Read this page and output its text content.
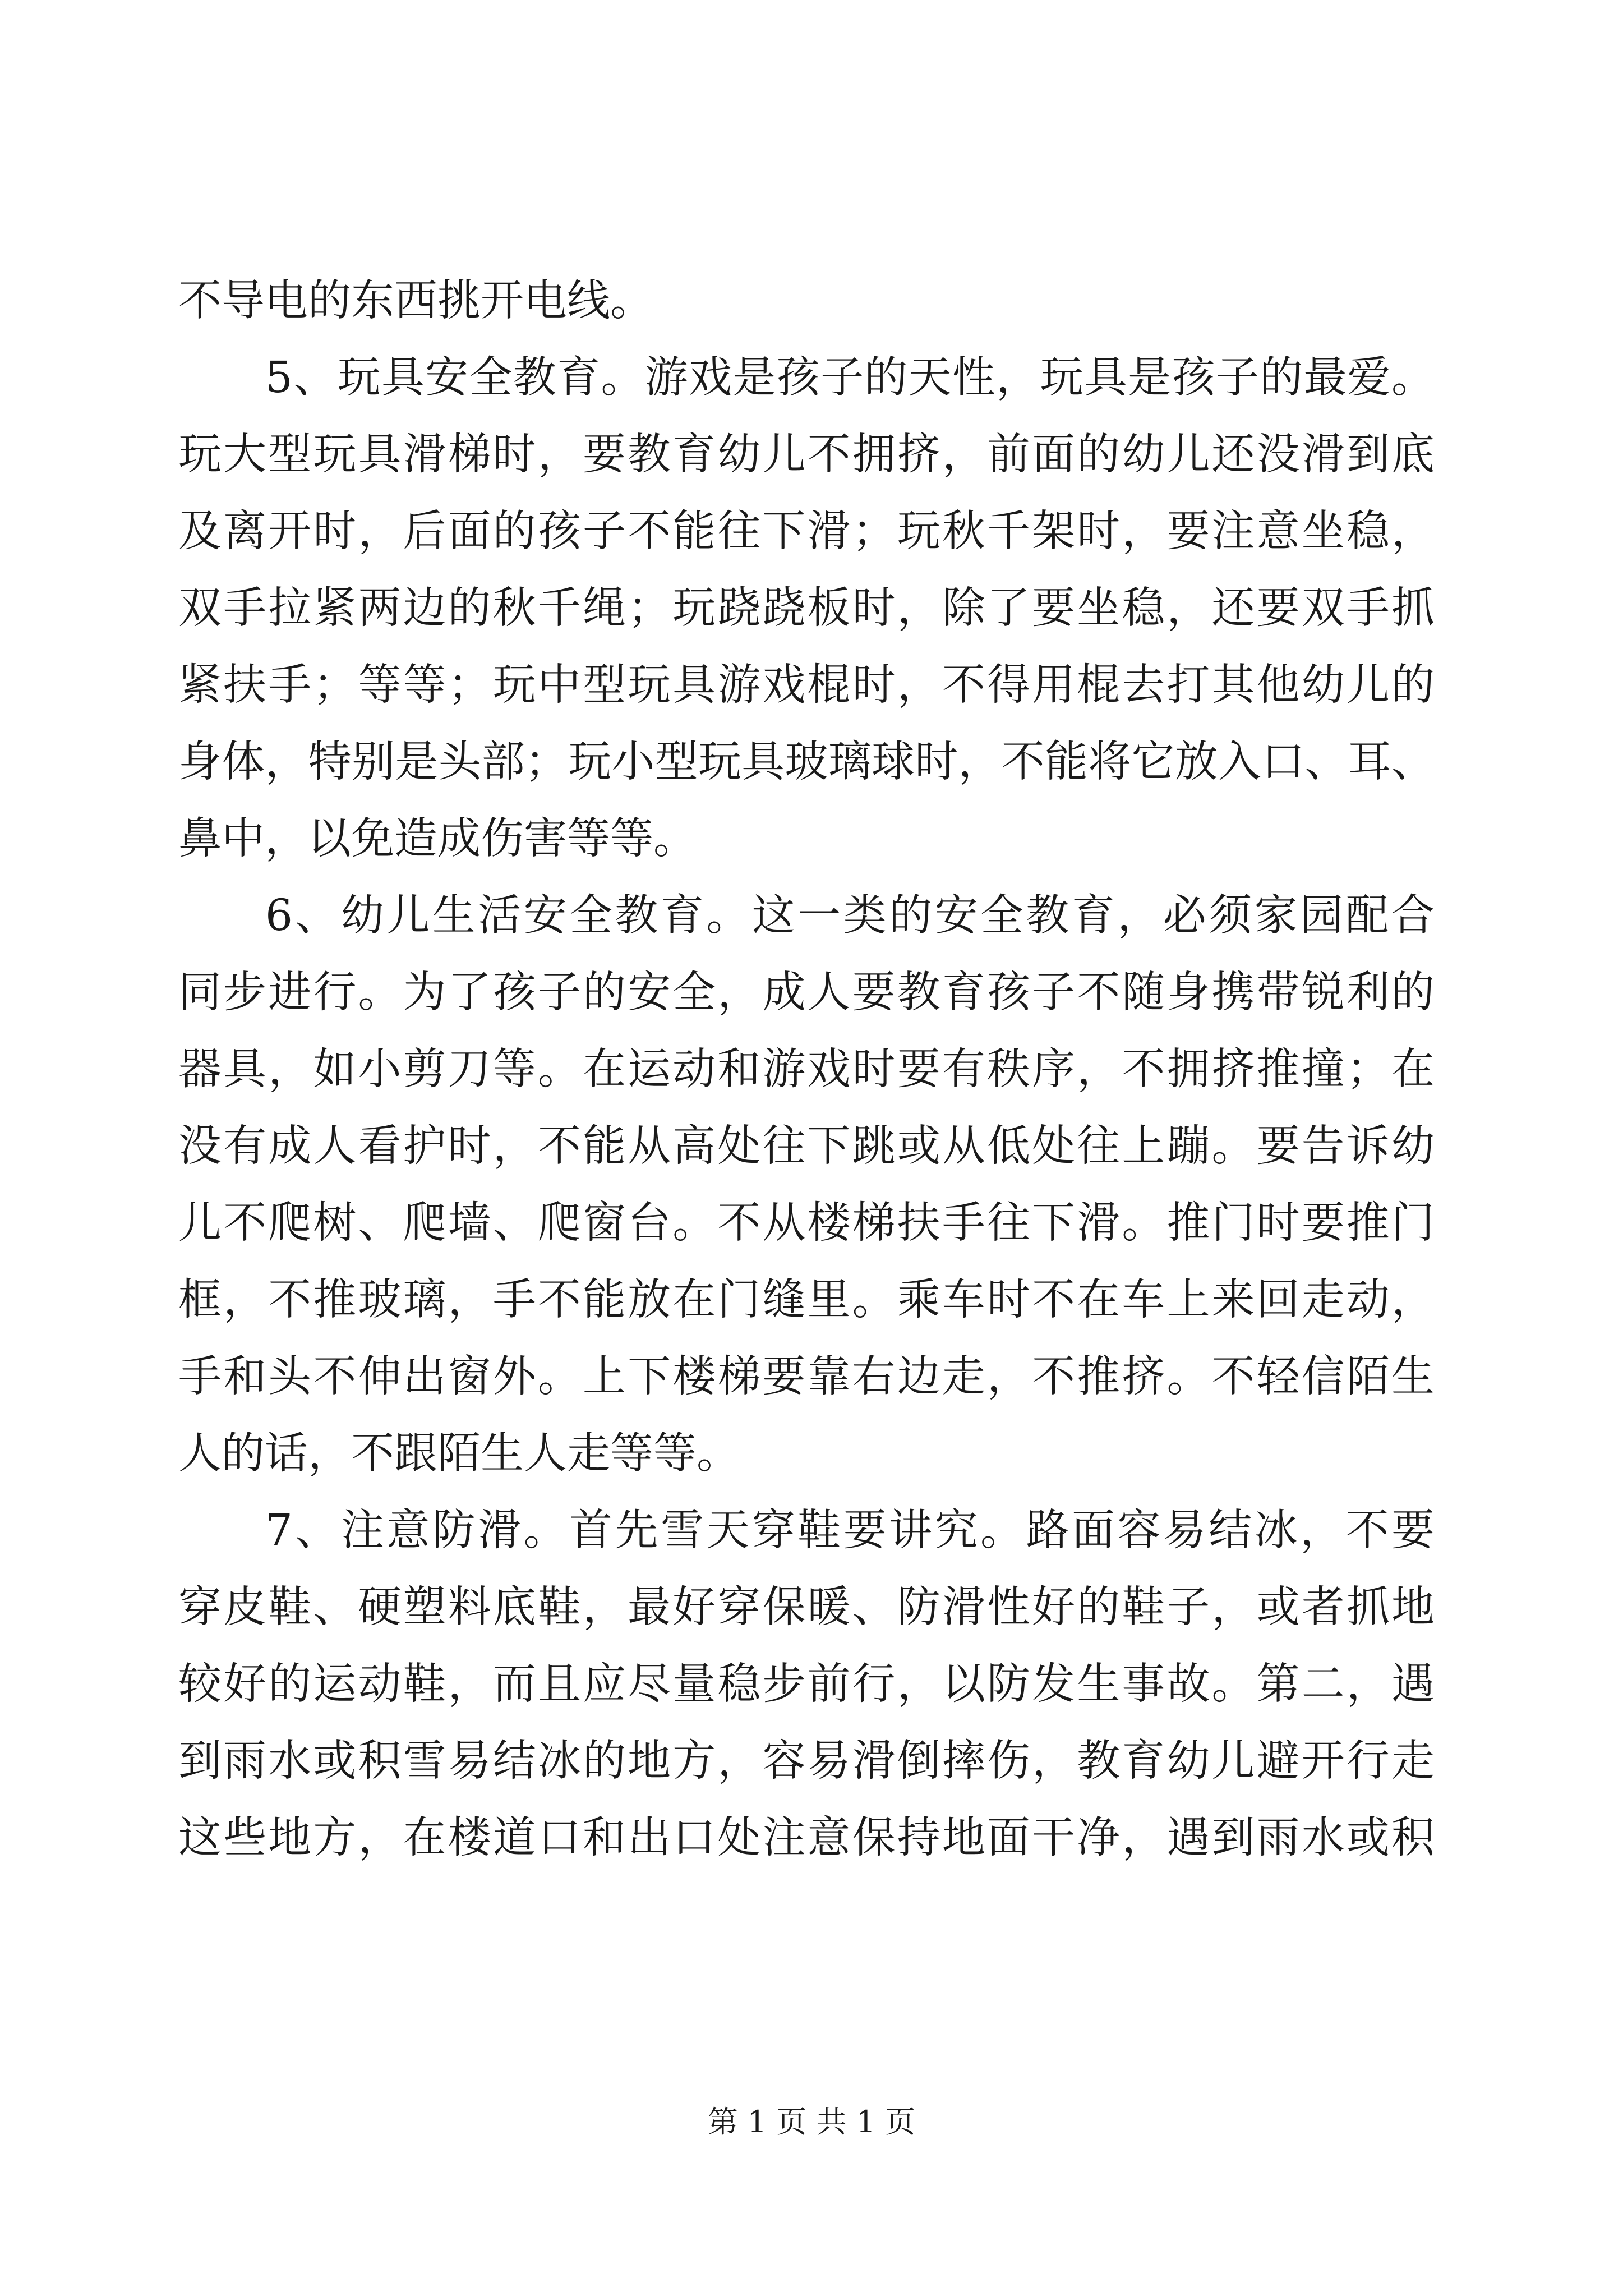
不导电的东西挑开电线。
5、玩具安全教育。游戏是孩子的天性，玩具是孩子的最爱。
玩大型玩具滑梯时，要教育幼儿不拥挤，前面的幼儿还没滑到底
及离开时，后面的孩子不能往下滑；玩秋千架时，要注意坐稳，
双手拉紧两边的秋千绳；玩跷跷板时，除了要坐稳，还要双手抓
紧扶手；等等；玩中型玩具游戏棍时，不得用棍去打其他幼儿的
身体，特别是头部；玩小型玩具玻璃球时，不能将它放入口、耳、
鼻中，以免造成伤害等等。
6、幼儿生活安全教育。这一类的安全教育，必须家园配合
同步进行。为了孩子的安全，成人要教育孩子不随身携带锐利的
器具，如小剪刀等。在运动和游戏时要有秩序，不拥挤推撞；在
没有成人看护时，不能从高处往下跳或从低处往上蹦。要告诉幼
儿不爬树、爬墙、爬窗台。不从楼梯扶手往下滑。推门时要推门
框，不推玻璃，手不能放在门缝里。乘车时不在车上来回走动，
手和头不伸出窗外。上下楼梯要靠右边走，不推挤。不轻信陌生
人的话，不跟陌生人走等等。
7、注意防滑。首先雪天穿鞋要讲究。路面容易结冰，不要
穿皮鞋、硬塑料底鞋，最好穿保暖、防滑性好的鞋子，或者抓地
较好的运动鞋，而且应尽量稳步前行，以防发生事故。第二，遇
到雨水或积雪易结冰的地方，容易滑倒摔伤，教育幼儿避开行走
这些地方，在楼道口和出口处注意保持地面干净，遇到雨水或积
第 1 页 共 1 页
